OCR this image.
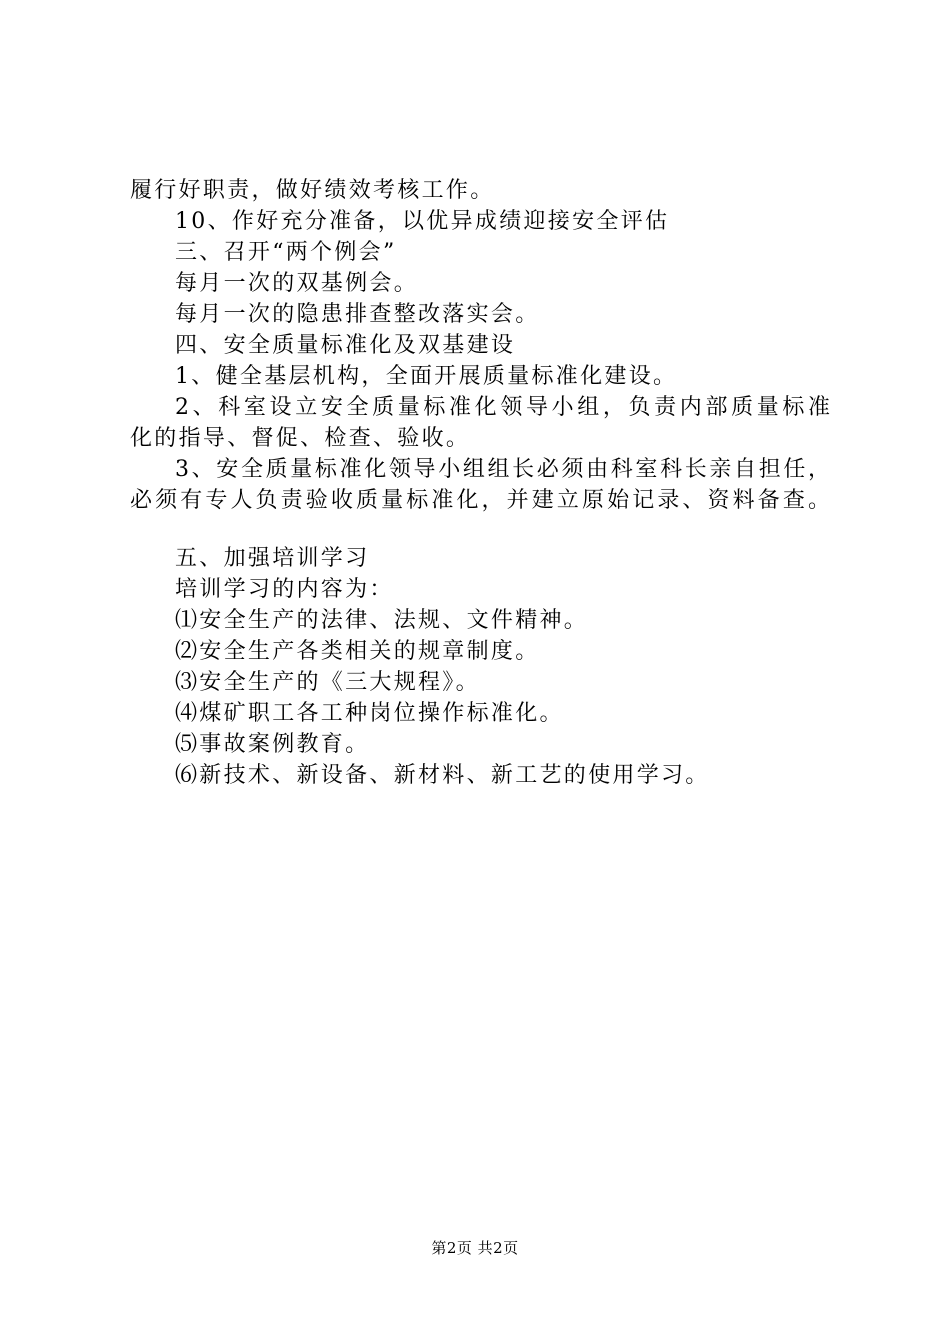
履行好职责，做好绩效考核工作。
10、作好充分准备，以优异成绩迎接安全评估
三、召开“两个例会”
每月一次的双基例会。
每月一次的隐患排查整改落实会。
四、安全质量标准化及双基建设
1、健全基层机构，全面开展质量标准化建设。
2、科室设立安全质量标准化领导小组，负责内部质量标准
化的指导、督促、检查、验收。
3、安全质量标准化领导小组组长必须由科室科长亲自担任，
必须有专人负责验收质量标准化，并建立原始记录、资料备查。
五、加强培训学习
培训学习的内容为：
⑴安全生产的法律、法规、文件精神。
⑵安全生产各类相关的规章制度。
⑶安全生产的《三大规程》。
⑷煤矿职工各工种岗位操作标准化。
⑸事故案例教育。
⑹新技术、新设备、新材料、新工艺的使用学习。
第2页 共2页
